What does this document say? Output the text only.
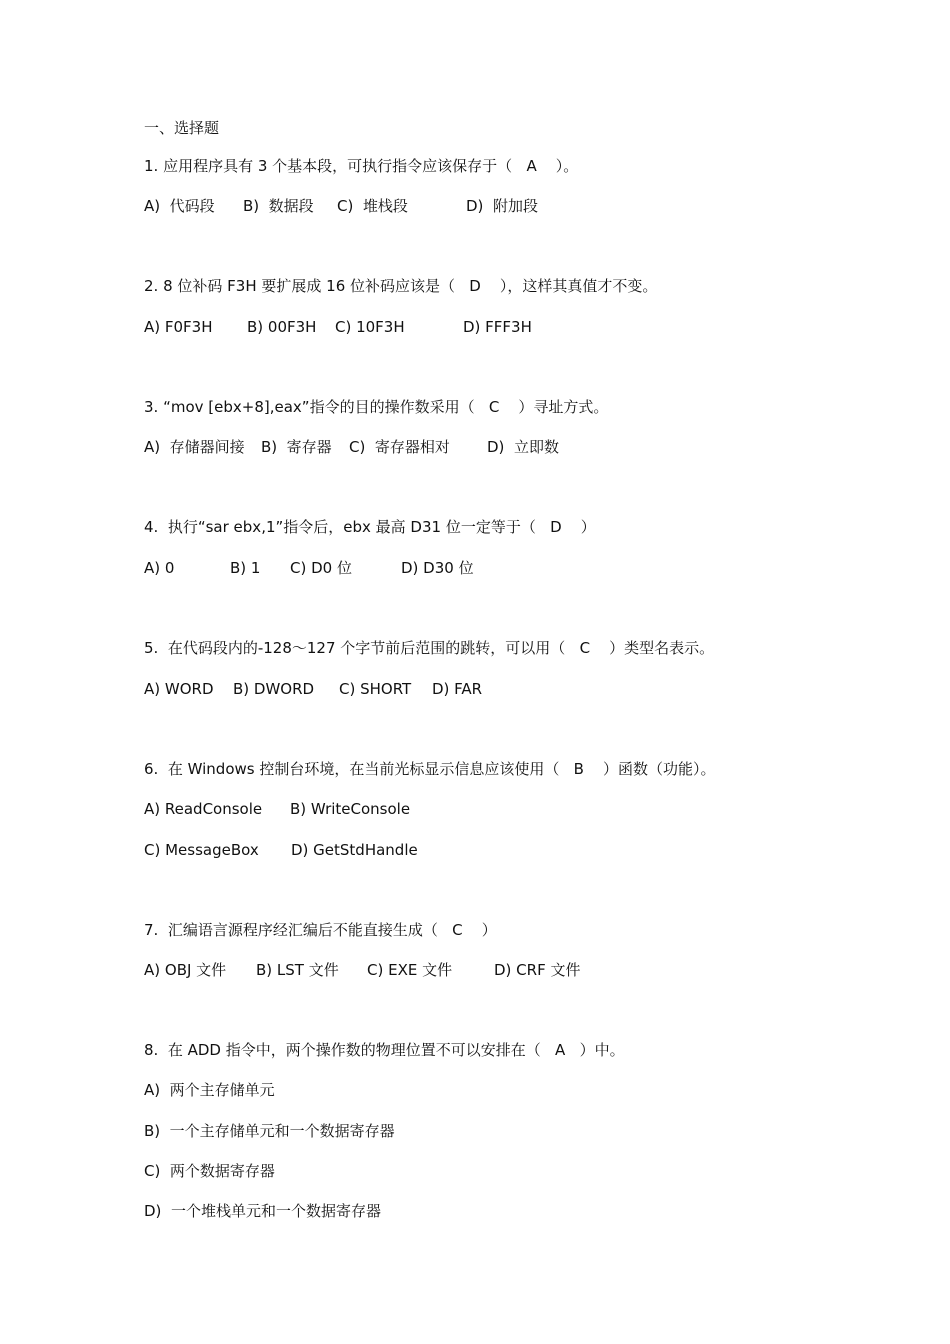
一、选择题
1. 应用程序具有 3 个基本段，可执行指令应该保存于（   A    ）。

A)  代码段

B)  数据段

C)  堆栈段

	D)  附加段

2. 8 位补码 F3H 要扩展成 16 位补码应该是（   D    ），这样其真值才不变。

A) F0F3H

B) 00F3H

C) 10F3H

	D) FFF3H

3. “mov [ebx+8],eax”指令的目的操作数采用（   C    ）寻址方式。

A)  存储器间接

B)  寄存器

C)  寄存器相对

D)  立即数

4.  执行“sar ebx,1”指令后，ebx 最高 D31 位一定等于（   D    ）

A) 0

	B) 1

C) D0 位

	D) D30 位

5.  在代码段内的-128～127 个字节前后范围的跳转，可以用（   C    ）类型名表示。

A) WORD

B) DWORD

C) SHORT

D) FAR

6.  在 Windows 控制台环境，在当前光标显示信息应该使用（   B    ）函数（功能）。

A) ReadConsole

B) WriteConsole

C) MessageBox

D) GetStdHandle

7.  汇编语言源程序经汇编后不能直接生成（   C    ）

A) OBJ 文件

B) LST 文件

C) EXE 文件

	D) CRF 文件

8.  在 ADD 指令中，两个操作数的物理位置不可以安排在（   A   ）中。
A)  两个主存储单元
B)  一个主存储单元和一个数据寄存器
C)  两个数据寄存器
D)  一个堆栈单元和一个数据寄存器
